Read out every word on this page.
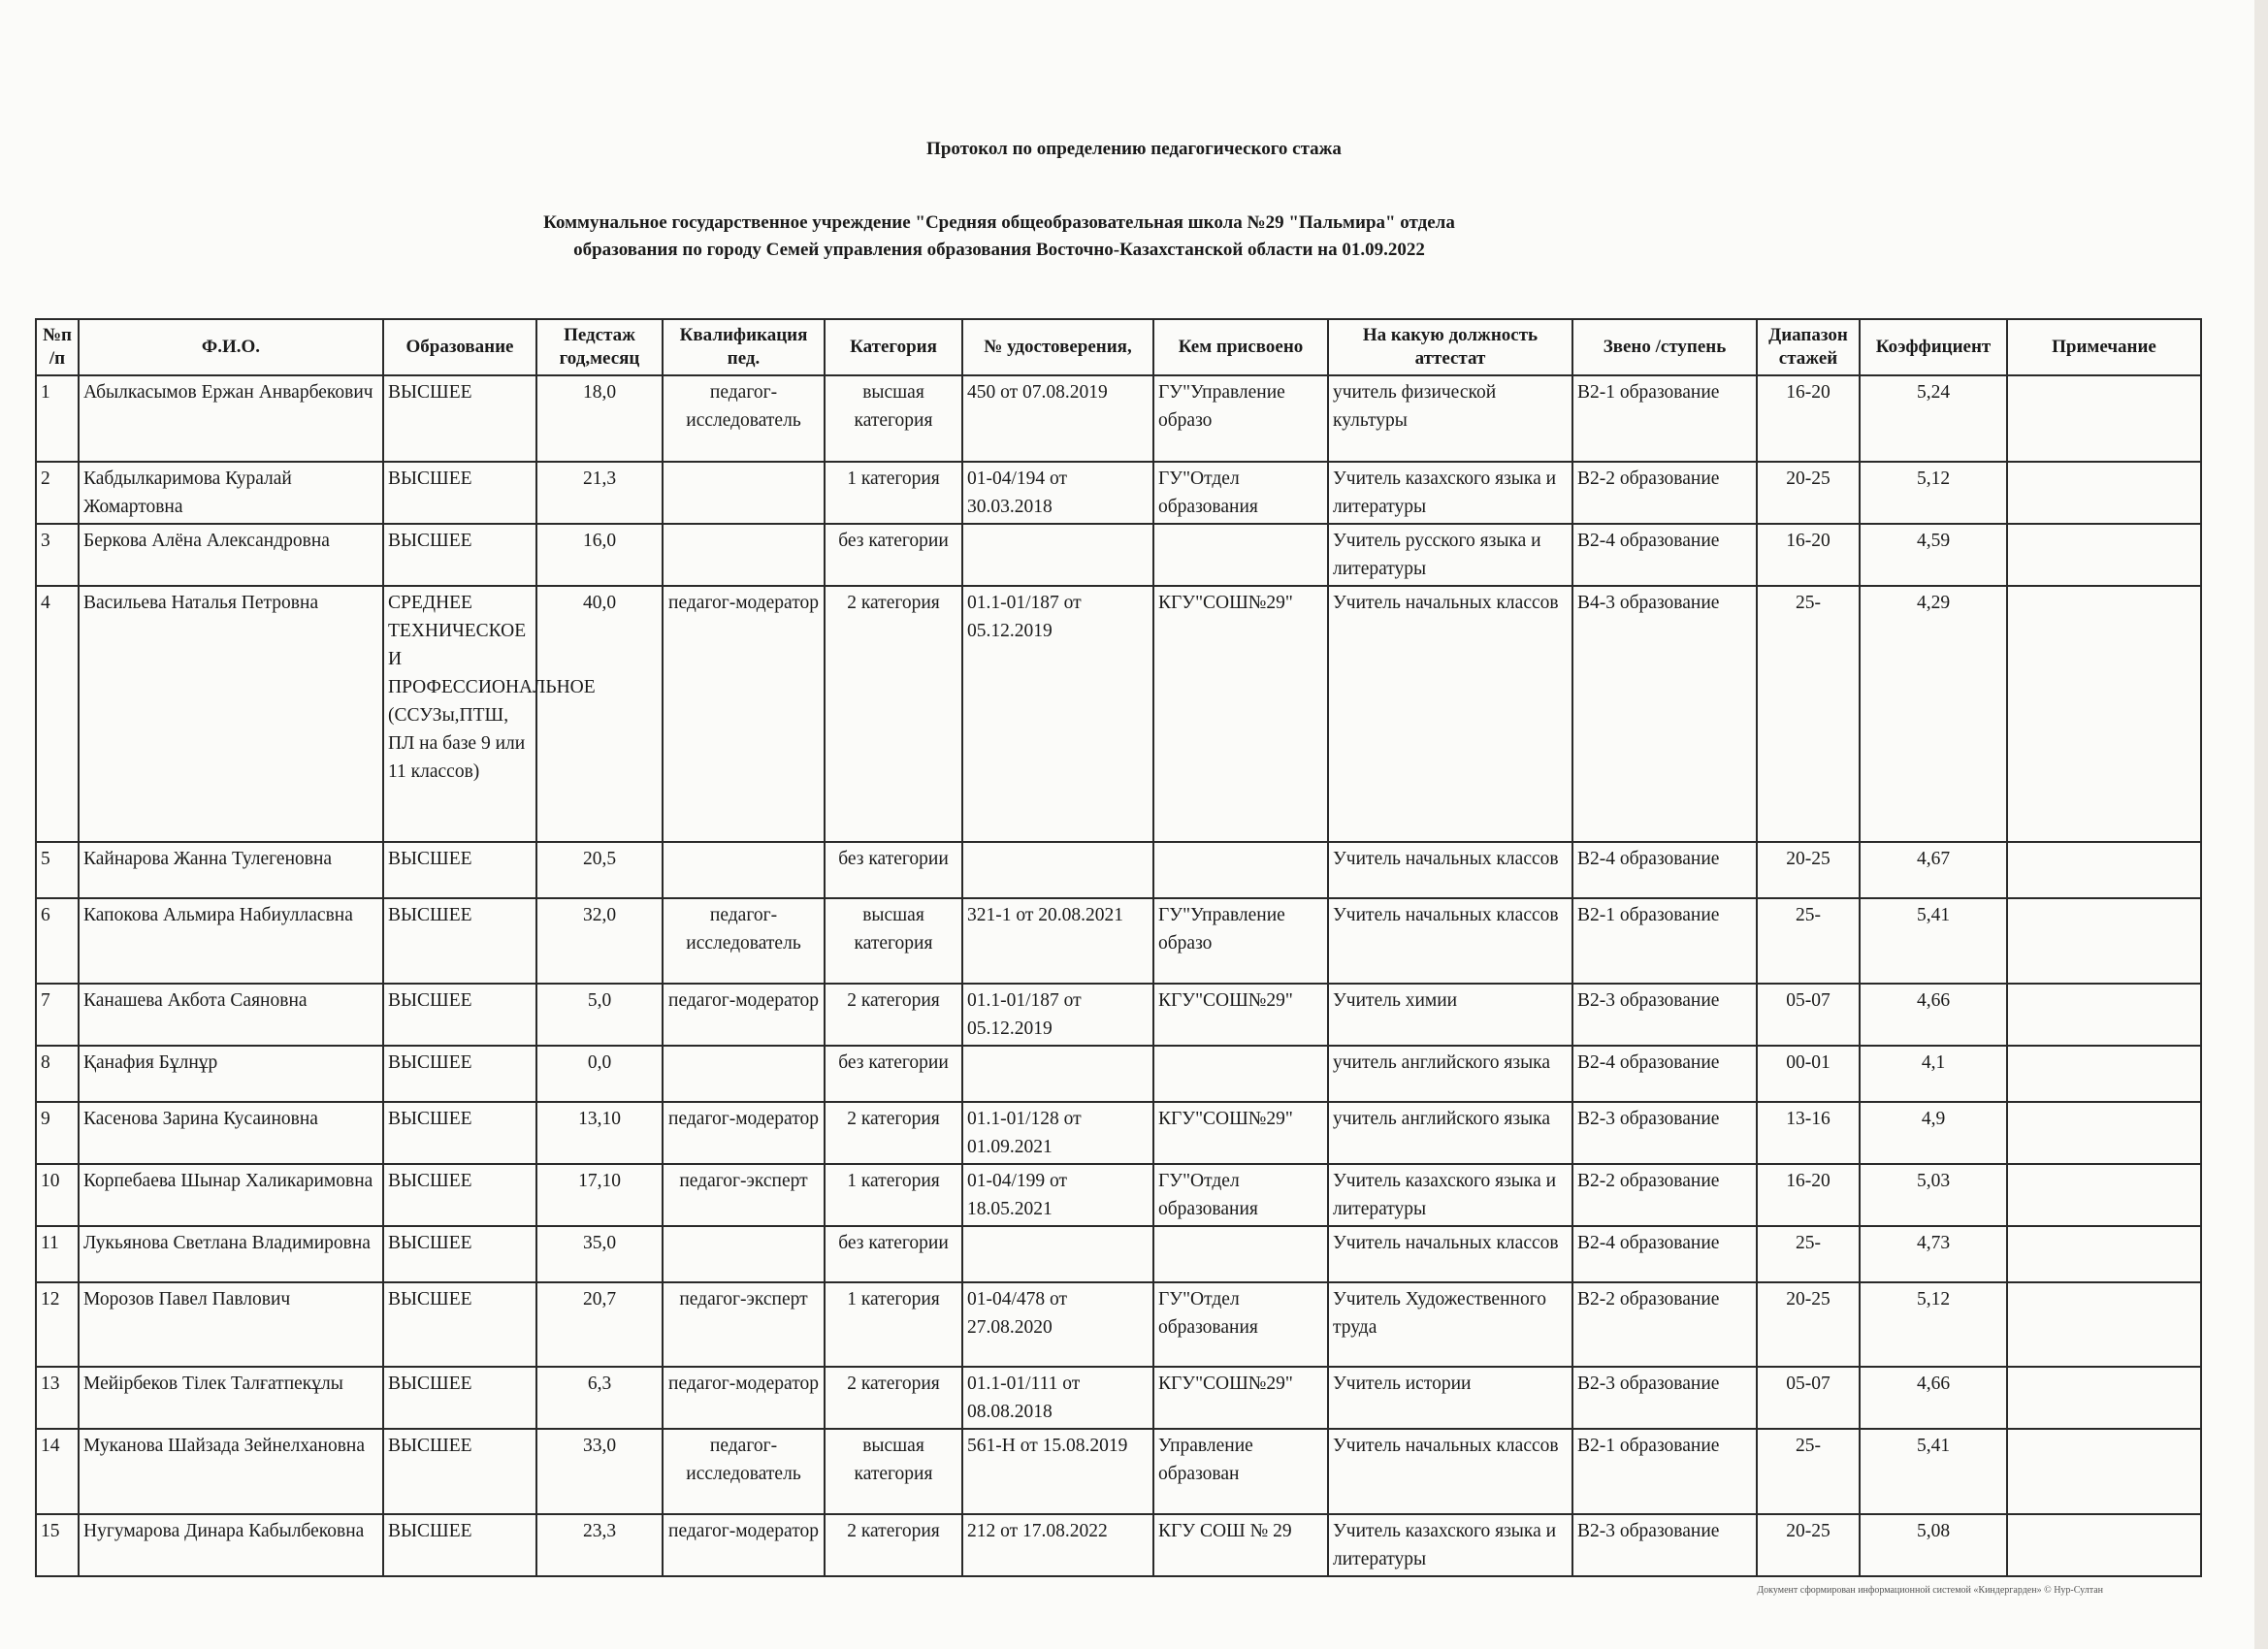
Протокол по определению педагогического стажа
Коммунальное государственное учреждение "Средняя общеобразовательная школа №29 "Пальмира" отдела
образования по городу Семей управления образования Восточно-Казахстанской области на 01.09.2022
№п /п	Ф.И.О.	Образование	Педстаж год,месяц	Квалификация пед.	Категория	№ удостоверения,	Кем присвоено	На какую должность аттестат	Звено /ступень	Диапазон стажей	Коэффициент	Примечание
1	Абылкасымов Ержан Анварбекович	ВЫСШЕЕ	18,0	педагог-исследователь	высшая категория	450 от 07.08.2019	ГУ"Управление образо	учитель физической культуры	В2-1 образование	16-20	5,24	
2	Кабдылкаримова Куралай Жомартовна	ВЫСШЕЕ	21,3		1 категория	01-04/194 от 30.03.2018	ГУ"Отдел образования	Учитель казахского языка и литературы	В2-2 образование	20-25	5,12	
3	Беркова Алёна Александровна	ВЫСШЕЕ	16,0		без категории			Учитель русского языка и литературы	В2-4 образование	16-20	4,59	
4	Васильева Наталья Петровна	СРЕДНЕЕ ТЕХНИЧЕСКОЕ И ПРОФЕССИОНАЛЬНОЕ (ССУЗы,ПТШ, ПЛ на базе 9 или 11 классов)	40,0	педагог-модератор	2 категория	01.1-01/187 от 05.12.2019	КГУ"СОШ№29"	Учитель начальных классов	В4-3 образование	25-	4,29	
5	Кайнарова Жанна Тулегеновна	ВЫСШЕЕ	20,5		без категории			Учитель начальных классов	В2-4 образование	20-25	4,67	
6	Капокова Альмира Набиулласвна	ВЫСШЕЕ	32,0	педагог-исследователь	высшая категория	321-1 от 20.08.2021	ГУ"Управление образо	Учитель начальных классов	В2-1 образование	25-	5,41	
7	Канашева Акбота Саяновна	ВЫСШЕЕ	5,0	педагог-модератор	2 категория	01.1-01/187 от 05.12.2019	КГУ"СОШ№29"	Учитель химии	В2-3 образование	05-07	4,66	
8	Қанафия Бұлнұр	ВЫСШЕЕ	0,0		без категории			учитель английского языка	В2-4 образование	00-01	4,1	
9	Касенова Зарина Кусаиновна	ВЫСШЕЕ	13,10	педагог-модератор	2 категория	01.1-01/128 от 01.09.2021	КГУ"СОШ№29"	учитель английского языка	В2-3 образование	13-16	4,9	
10	Корпебаева Шынар Халикаримовна	ВЫСШЕЕ	17,10	педагог-эксперт	1 категория	01-04/199 от 18.05.2021	ГУ"Отдел образования	Учитель казахского языка и литературы	В2-2 образование	16-20	5,03	
11	Лукьянова Светлана Владимировна	ВЫСШЕЕ	35,0		без категории			Учитель начальных классов	В2-4 образование	25-	4,73	
12	Морозов Павел Павлович	ВЫСШЕЕ	20,7	педагог-эксперт	1 категория	01-04/478 от 27.08.2020	ГУ"Отдел образования	Учитель Художественного труда	В2-2 образование	20-25	5,12	
13	Мейірбеков Тілек Талғатпекұлы	ВЫСШЕЕ	6,3	педагог-модератор	2 категория	01.1-01/111 от 08.08.2018	КГУ"СОШ№29"	Учитель истории	В2-3 образование	05-07	4,66	
14	Муканова Шайзада Зейнелхановна	ВЫСШЕЕ	33,0	педагог-исследователь	высшая категория	561-Н от 15.08.2019	Управление образован	Учитель начальных классов	В2-1 образование	25-	5,41	
15	Нугумарова Динара Кабылбековна	ВЫСШЕЕ	23,3	педагог-модератор	2 категория	212 от 17.08.2022	КГУ СОШ № 29	Учитель казахского языка и литературы	В2-3 образование	20-25	5,08	
Документ сформирован информационной системой «Киндергарден» © Нур-Султан
